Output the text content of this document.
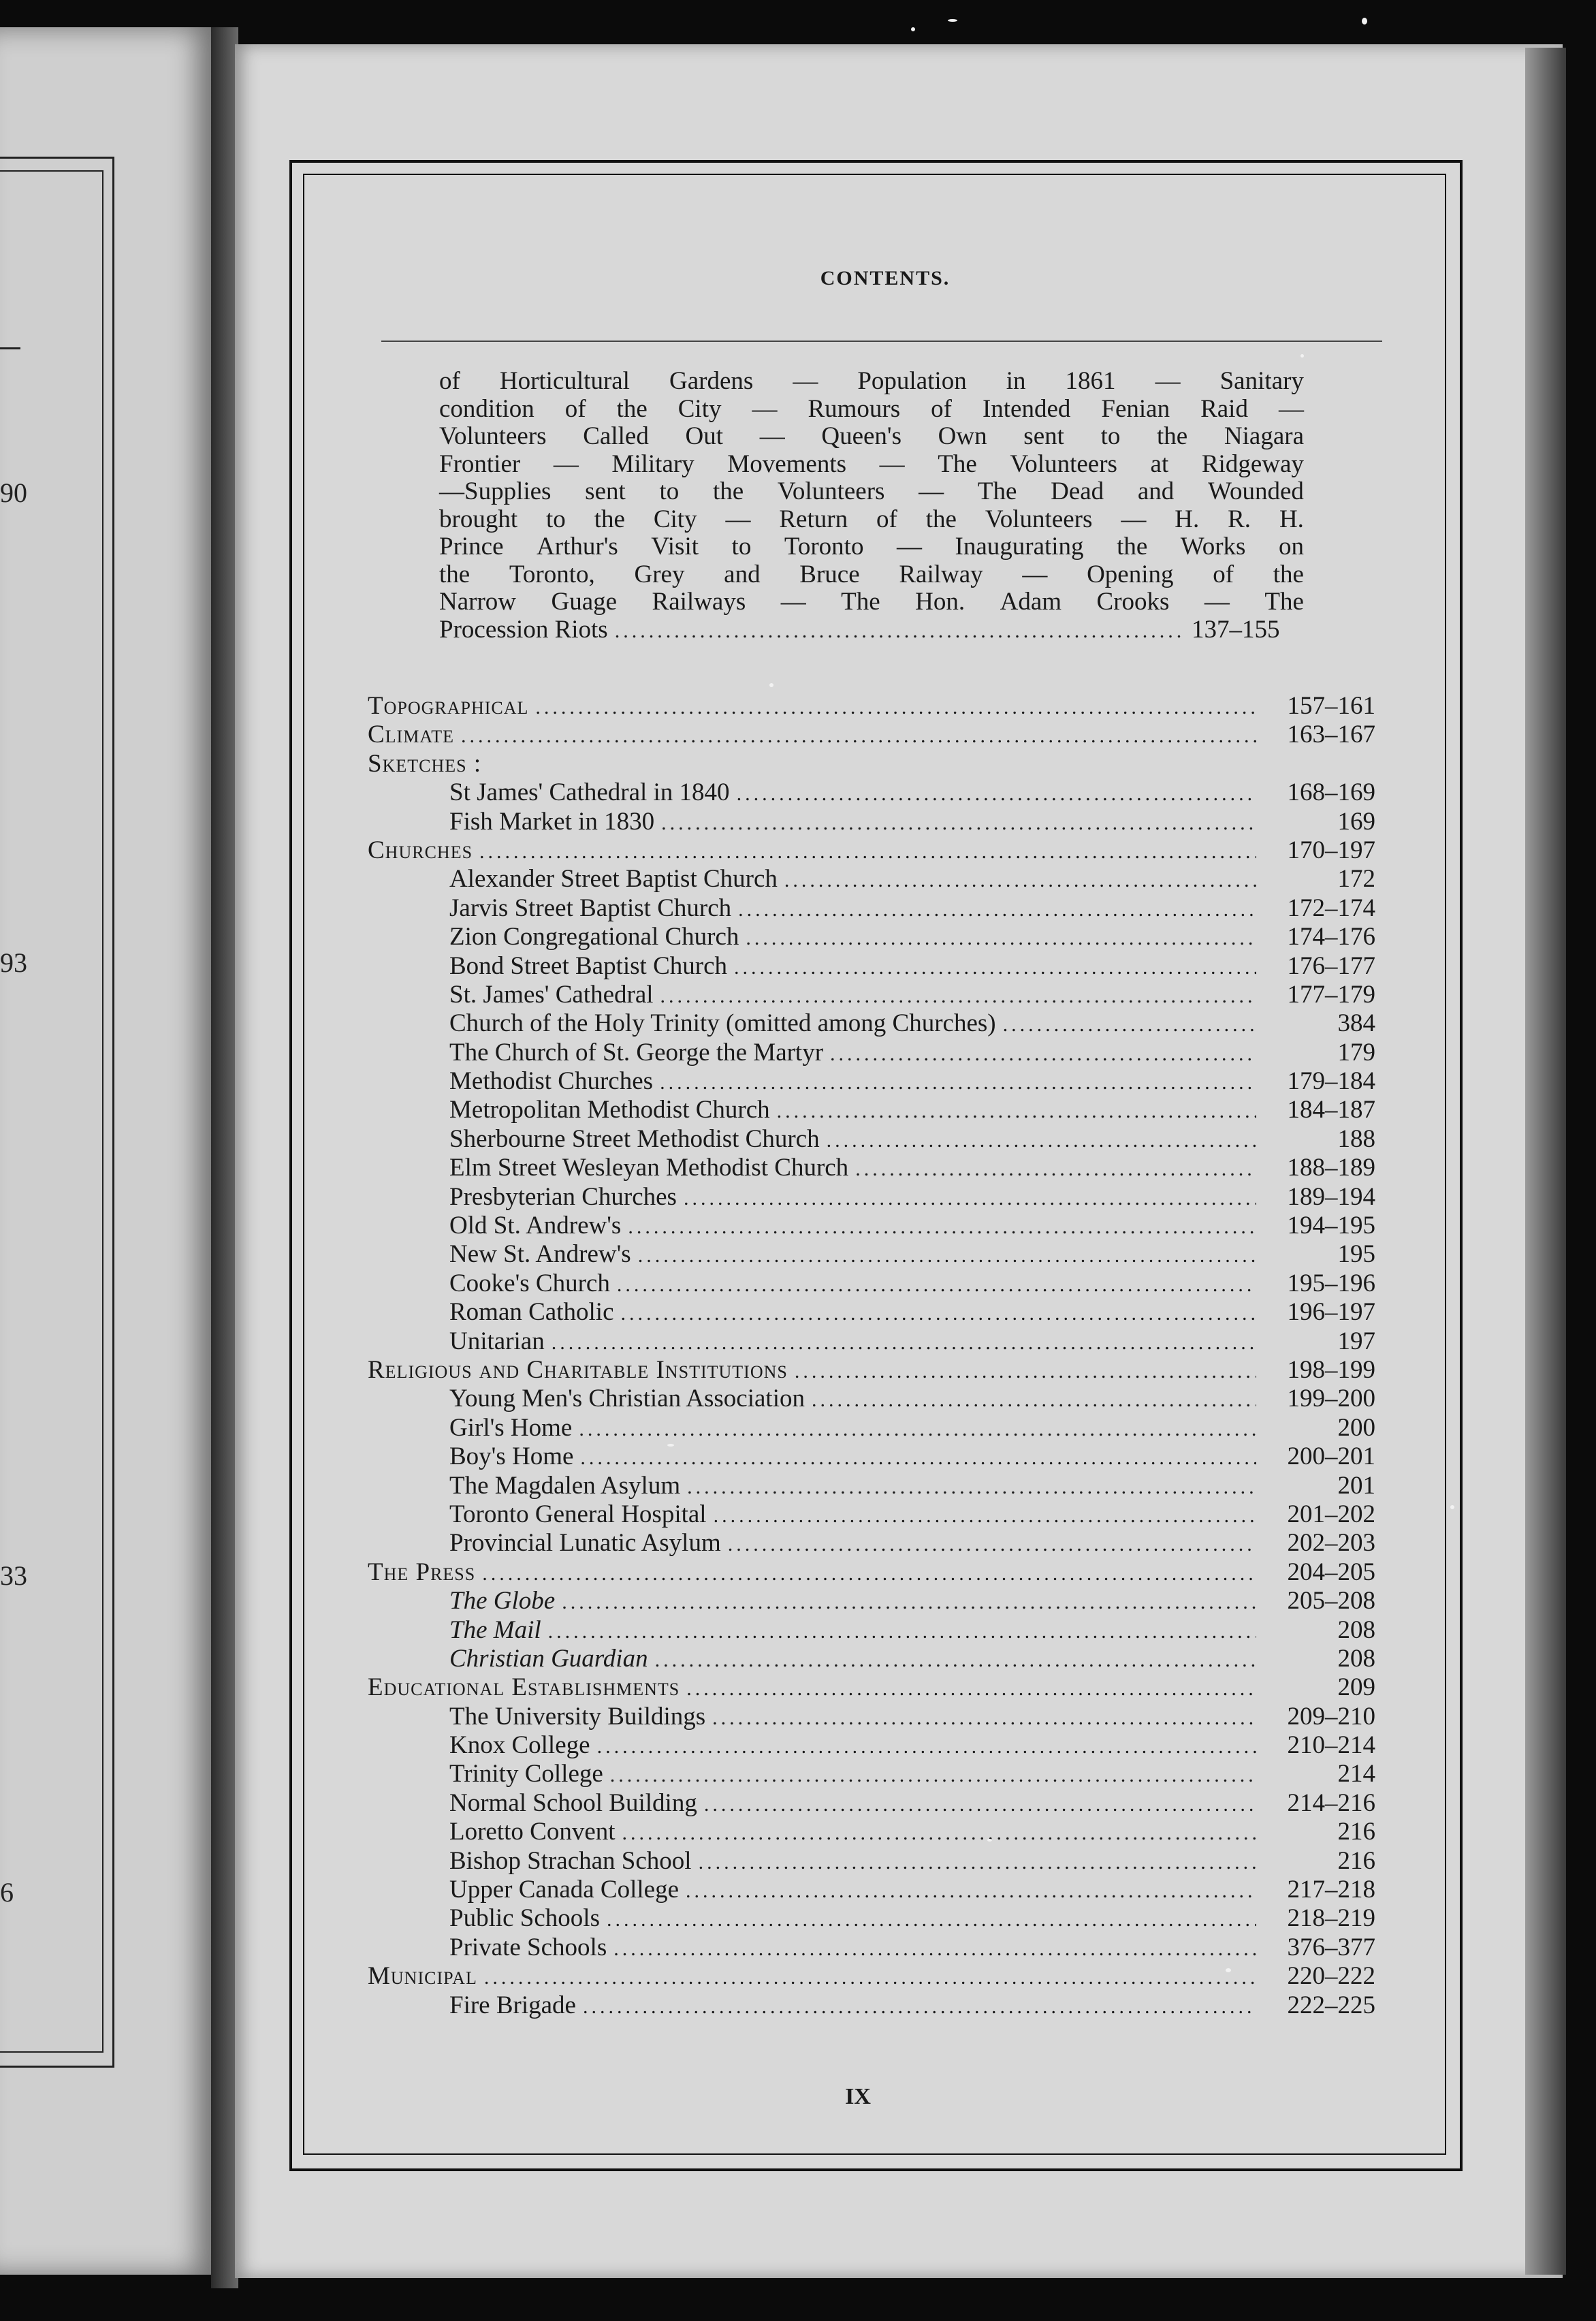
90
93
33
6
CONTENTS.
of Horticultural Gardens — Population in 1861 — Sanitary
condition of the City — Rumours of Intended Fenian Raid —
Volunteers Called Out — Queen's Own sent to the Niagara
Frontier — Military Movements — The Volunteers at Ridgeway
—Supplies sent to the Volunteers — The Dead and Wounded
brought to the City — Return of the Volunteers — H. R. H.
Prince Arthur's Visit to Toronto — Inaugurating the Works on
the Toronto, Grey and Bruce Railway — Opening of the
Narrow Guage Railways — The Hon. Adam Crooks — The
Procession Riots .....	137–155
Topographical .....	157–161
Climate .....	163–167
Sketches :
St James' Cathedral in 1840 .....	168–169
Fish Market in 1830 .....	169
Churches .....	170–197
Alexander Street Baptist Church .....	172
Jarvis Street Baptist Church .....	172–174
Zion Congregational Church .....	174–176
Bond Street Baptist Church .....	176–177
St. James' Cathedral .....	177–179
Church of the Holy Trinity (omitted among Churches) .....	384
The Church of St. George the Martyr .....	179
Methodist Churches .....	179–184
Metropolitan Methodist Church .....	184–187
Sherbourne Street Methodist Church .....	188
Elm Street Wesleyan Methodist Church .....	188–189
Presbyterian Churches .....	189–194
Old St. Andrew's .....	194–195
New St. Andrew's .....	195
Cooke's Church .....	195–196
Roman Catholic .....	196–197
Unitarian .....	197
Religious and Charitable Institutions .....	198–199
Young Men's Christian Association .....	199–200
Girl's Home .....	200
Boy's Home .....	200–201
The Magdalen Asylum .....	201
Toronto General Hospital .....	201–202
Provincial Lunatic Asylum .....	202–203
The Press .....	204–205
The Globe .....	205–208
The Mail .....	208
Christian Guardian .....	208
Educational Establishments .....	209
The University Buildings .....	209–210
Knox College .....	210–214
Trinity College .....	214
Normal School Building .....	214–216
Loretto Convent .....	216
Bishop Strachan School .....	216
Upper Canada College .....	217–218
Public Schools .....	218–219
Private Schools .....	376–377
Municipal .....	220–222
Fire Brigade .....	222–225
IX
